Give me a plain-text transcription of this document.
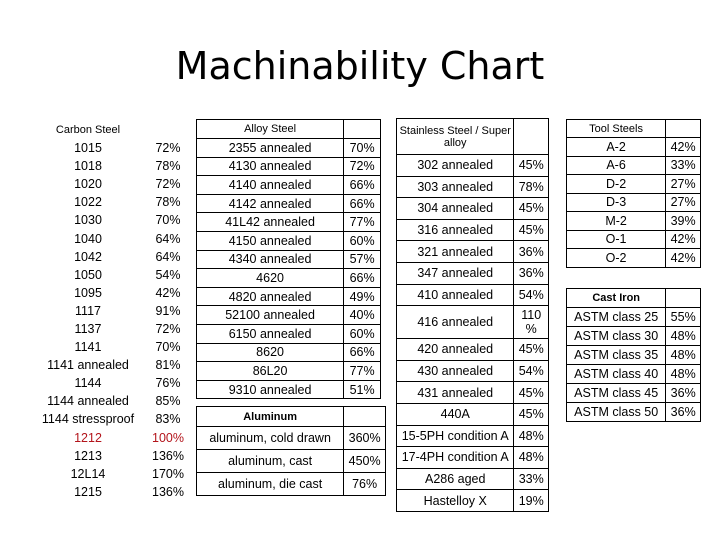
Machinability Chart
Carbon Steel	
1015	72%
1018	78%
1020	72%
1022	78%
1030	70%
1040	64%
1042	64%
1050	54%
1095	42%
1117	91%
1137	72%
1141	70%
1141 annealed	81%
1144	76%
1144 annealed	85%
1144 stressproof	83%
1212	100%
1213	136%
12L14	170%
1215	136%
Alloy Steel	
2355 annealed	70%
4130 annealed	72%
4140 annealed	66%
4142 annealed	66%
41L42 annealed	77%
4150 annealed	60%
4340 annealed	57%
4620	66%
4820 annealed	49%
52100 annealed	40%
6150 annealed	60%
8620	66%
86L20	77%
9310 annealed	51%
Aluminum	
aluminum, cold drawn	360%
aluminum, cast	450%
aluminum, die cast	76%
Stainless Steel / Super alloy	
302 annealed	45%
303 annealed	78%
304 annealed	45%
316 annealed	45%
321 annealed	36%
347 annealed	36%
410 annealed	54%
416 annealed	110 %
420 annealed	45%
430 annealed	54%
431 annealed	45%
440A	45%
15-5PH condition A	48%
17-4PH condition A	48%
A286 aged	33%
Hastelloy X	19%
Tool Steels	
A-2	42%
A-6	33%
D-2	27%
D-3	27%
M-2	39%
O-1	42%
O-2	42%
Cast Iron	
ASTM class 25	55%
ASTM class 30	48%
ASTM class 35	48%
ASTM class 40	48%
ASTM class 45	36%
ASTM class 50	36%
